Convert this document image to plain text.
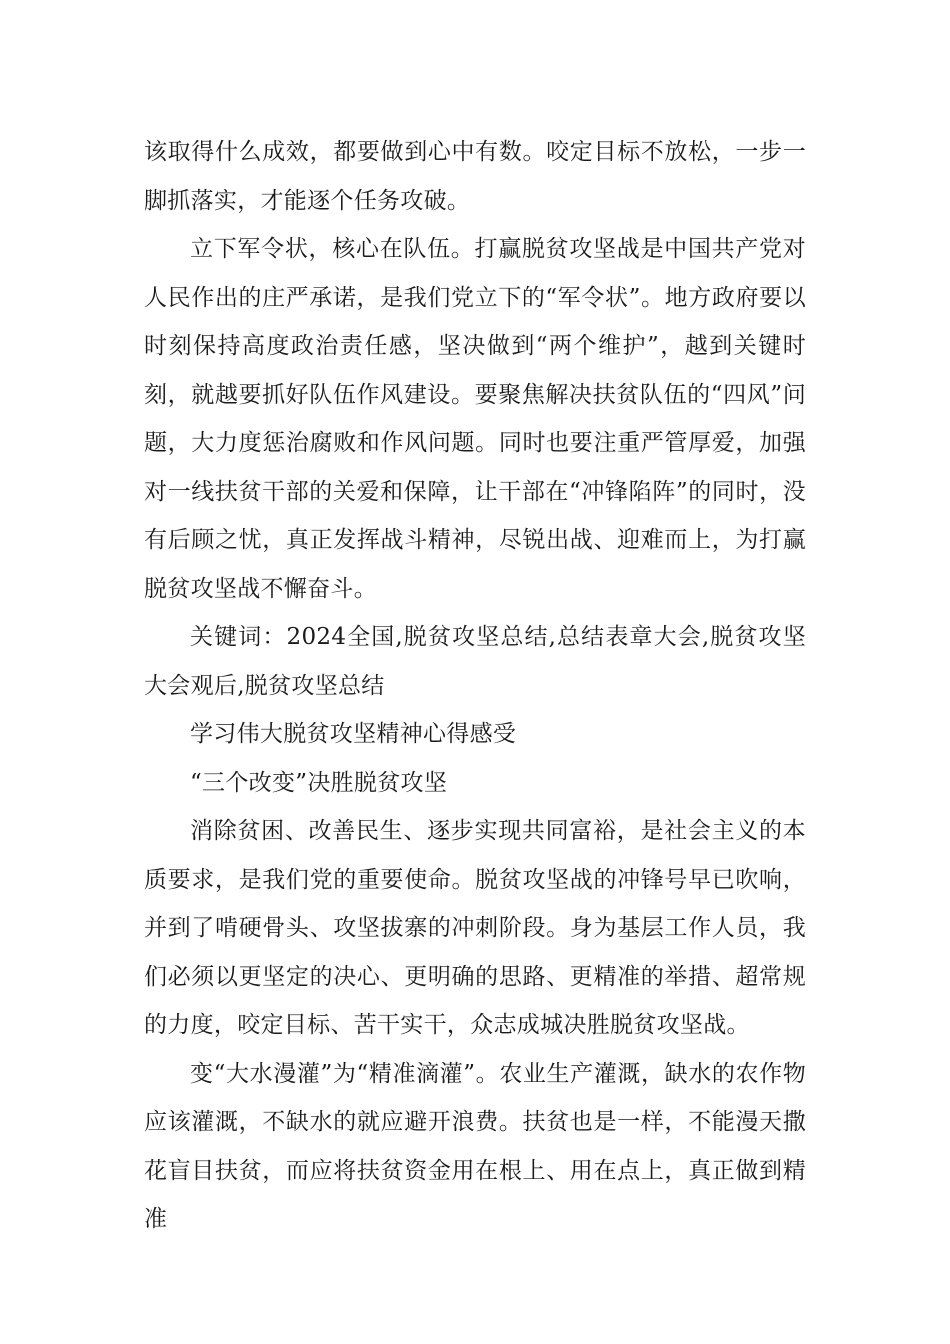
该取得什么成效，都要做到心中有数。咬定目标不放松，一步一脚抓落实，才能逐个任务攻破。

立下军令状，核心在队伍。打赢脱贫攻坚战是中国共产党对人民作出的庄严承诺，是我们党立下的“军令状”。地方政府要以时刻保持高度政治责任感，坚决做到“两个维护”，越到关键时刻，就越要抓好队伍作风建设。要聚焦解决扶贫队伍的“四风”问题，大力度惩治腐败和作风问题。同时也要注重严管厚爱，加强对一线扶贫干部的关爱和保障，让干部在“冲锋陷阵”的同时，没有后顾之忧，真正发挥战斗精神，尽锐出战、迎难而上，为打赢脱贫攻坚战不懈奋斗。

关键词：2024全国,脱贫攻坚总结,总结表章大会,脱贫攻坚大会观后,脱贫攻坚总结

学习伟大脱贫攻坚精神心得感受

“三个改变”决胜脱贫攻坚

消除贫困、改善民生、逐步实现共同富裕，是社会主义的本质要求，是我们党的重要使命。脱贫攻坚战的冲锋号早已吹响，并到了啃硬骨头、攻坚拔寨的冲刺阶段。身为基层工作人员，我们必须以更坚定的决心、更明确的思路、更精准的举措、超常规的力度，咬定目标、苦干实干，众志成城决胜脱贫攻坚战。

变“大水漫灌”为“精准滴灌”。农业生产灌溉，缺水的农作物应该灌溉，不缺水的就应避开浪费。扶贫也是一样，不能漫天撒花盲目扶贫，而应将扶贫资金用在根上、用在点上，真正做到精准
